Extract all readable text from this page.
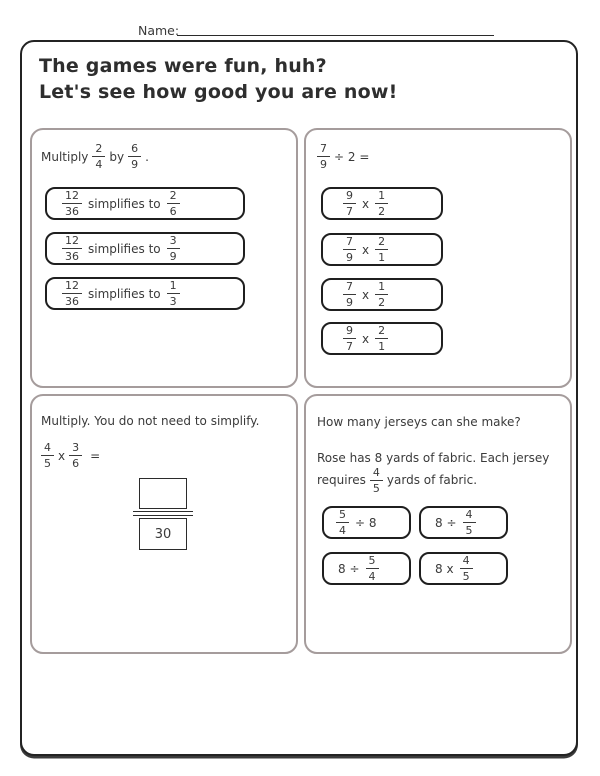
Name:
The games were fun, huh?
Let's see how good you are now!
Multiply $\frac{2}{4}$ by $\frac{6}{9}$ .
$\frac{12}{36}$ simplifies to $\frac{2}{6}$
$\frac{12}{36}$ simplifies to $\frac{3}{9}$
$\frac{12}{36}$ simplifies to $\frac{1}{3}$
$\frac{7}{9} \div 2$ =
$\frac{9}{7}$ x $\frac{1}{2}$
$\frac{7}{9}$ x $\frac{2}{1}$
$\frac{7}{9}$ x $\frac{1}{2}$
$\frac{9}{7}$ x $\frac{2}{1}$
Multiply. You do not need to simplify.
$\frac{4}{5}$ x $\frac{3}{6}$ =
30
How many jerseys can she make?
Rose has 8 yards of fabric. Each jersey
requires $\frac{4}{5}$ yards of fabric.
$\frac{5}{4} \div 8$	$8 \div \frac{4}{5}$
$8 \div \frac{5}{4}$	8 x $\frac{4}{5}$
